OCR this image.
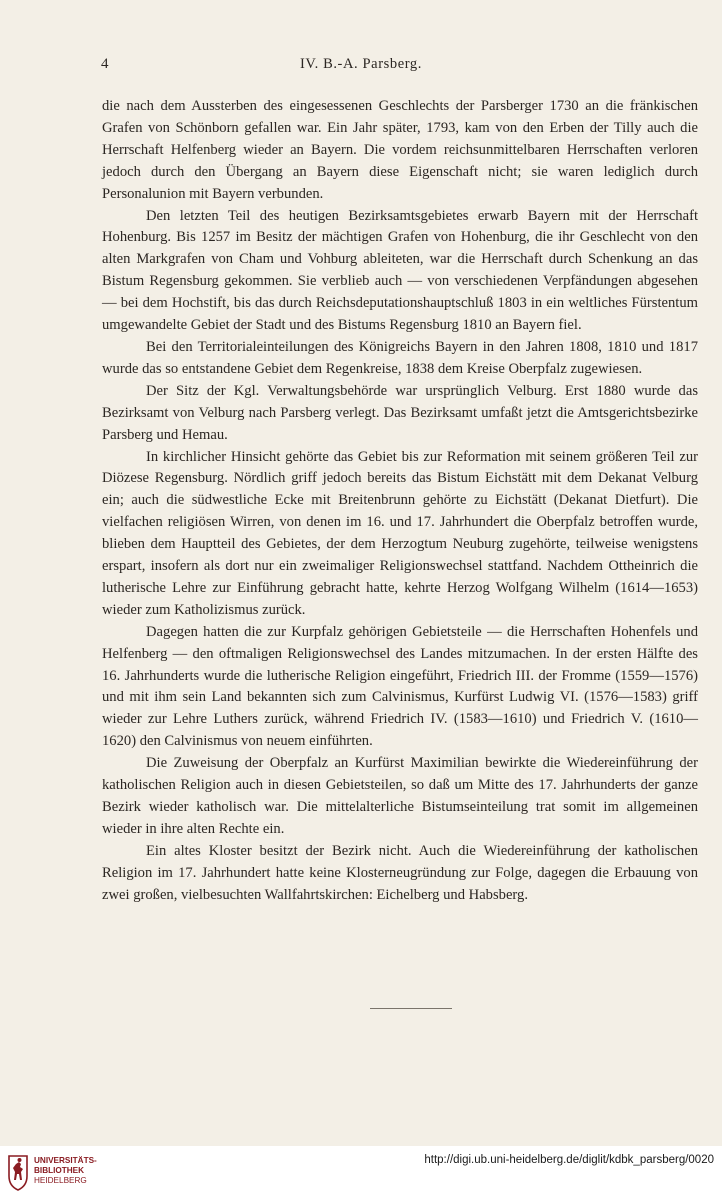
4	IV. B.-A. Parsberg.

die nach dem Aussterben des eingesessenen Geschlechts der Parsberger 1730 an die fränkischen Grafen von Schönborn gefallen war. Ein Jahr später, 1793, kam von den Erben der Tilly auch die Herrschaft Helfenberg wieder an Bayern. Die vordem reichsunmittelbaren Herrschaften verloren jedoch durch den Übergang an Bayern diese Eigenschaft nicht; sie waren lediglich durch Personalunion mit Bayern verbunden.

Den letzten Teil des heutigen Bezirksamtsgebietes erwarb Bayern mit der Herrschaft Hohenburg. Bis 1257 im Besitz der mächtigen Grafen von Hohenburg, die ihr Geschlecht von den alten Markgrafen von Cham und Vohburg ableiteten, war die Herrschaft durch Schenkung an das Bistum Regensburg gekommen. Sie verblieb auch — von verschiedenen Verpfändungen abgesehen — bei dem Hochstift, bis das durch Reichsdeputationshauptschluß 1803 in ein weltliches Fürstentum umgewandelte Gebiet der Stadt und des Bistums Regensburg 1810 an Bayern fiel.

Bei den Territorialeinteilungen des Königreichs Bayern in den Jahren 1808, 1810 und 1817 wurde das so entstandene Gebiet dem Regenkreise, 1838 dem Kreise Oberpfalz zugewiesen.

Der Sitz der Kgl. Verwaltungsbehörde war ursprünglich Velburg. Erst 1880 wurde das Bezirksamt von Velburg nach Parsberg verlegt. Das Bezirksamt umfaßt jetzt die Amtsgerichtsbezirke Parsberg und Hemau.

In kirchlicher Hinsicht gehörte das Gebiet bis zur Reformation mit seinem größeren Teil zur Diözese Regensburg. Nördlich griff jedoch bereits das Bistum Eichstätt mit dem Dekanat Velburg ein; auch die südwestliche Ecke mit Breitenbrunn gehörte zu Eichstätt (Dekanat Dietfurt). Die vielfachen religiösen Wirren, von denen im 16. und 17. Jahrhundert die Oberpfalz betroffen wurde, blieben dem Hauptteil des Gebietes, der dem Herzogtum Neuburg zugehörte, teilweise wenigstens erspart, insofern als dort nur ein zweimaliger Religionswechsel stattfand. Nachdem Ottheinrich die lutherische Lehre zur Einführung gebracht hatte, kehrte Herzog Wolfgang Wilhelm (1614—1653) wieder zum Katholizismus zurück.

Dagegen hatten die zur Kurpfalz gehörigen Gebietsteile — die Herrschaften Hohenfels und Helfenberg — den oftmaligen Religionswechsel des Landes mitzumachen. In der ersten Hälfte des 16. Jahrhunderts wurde die lutherische Religion eingeführt, Friedrich III. der Fromme (1559—1576) und mit ihm sein Land bekannten sich zum Calvinismus, Kurfürst Ludwig VI. (1576—1583) griff wieder zur Lehre Luthers zurück, während Friedrich IV. (1583—1610) und Friedrich V. (1610—1620) den Calvinismus von neuem einführten.

Die Zuweisung der Oberpfalz an Kurfürst Maximilian bewirkte die Wiedereinführung der katholischen Religion auch in diesen Gebietsteilen, so daß um Mitte des 17. Jahrhunderts der ganze Bezirk wieder katholisch war. Die mittelalterliche Bistumseinteilung trat somit im allgemeinen wieder in ihre alten Rechte ein.

Ein altes Kloster besitzt der Bezirk nicht. Auch die Wiedereinführung der katholischen Religion im 17. Jahrhundert hatte keine Klosterneugründung zur Folge, dagegen die Erbauung von zwei großen, vielbesuchten Wallfahrtskirchen: Eichelberg und Habsberg.

UNIVERSITÄTS-
BIBLIOTHEK
HEIDELBERG
http://digi.ub.uni-heidelberg.de/diglit/kdbk_parsberg/0020
